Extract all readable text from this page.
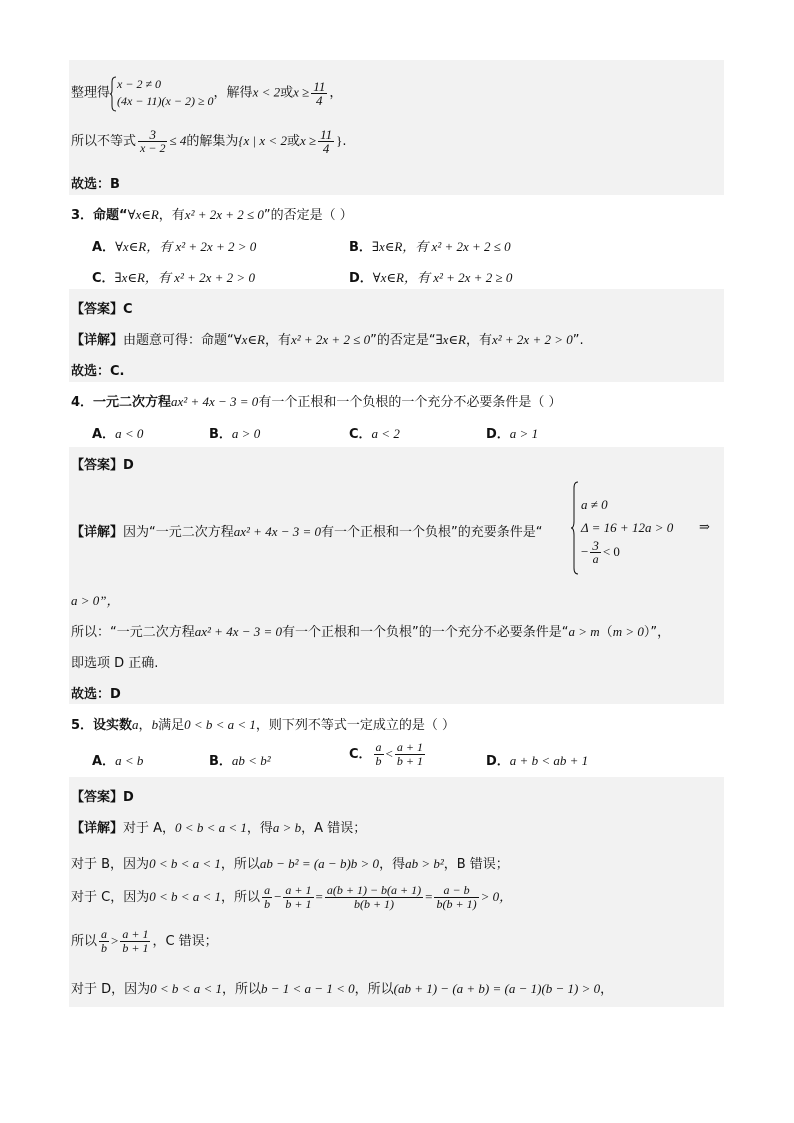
整理得
x − 2 ≠ 0
(4x − 11)(x − 2) ≥ 0
，解得x < 2或$x \ge \frac{11}{4}$ ，
所以不等式 $\frac{3}{x - 2} \le 4$的解集为{x | x < 2或$x \ge \frac{11}{4}$ }.
故选：B
3．命题“∀x∈R，有x² + 2x + 2 ≤ 0”的否定是（ ）
A．∀x∈R，有 x² + 2x + 2 > 0	B．∃x∈R，有 x² + 2x + 2 ≤ 0
C．∃x∈R，有 x² + 2x + 2 > 0	D．∀x∈R，有 x² + 2x + 2 ≥ 0
【答案】C
【详解】由题意可得：命题“∀x∈R，有x² + 2x + 2 ≤ 0”的否定是“∃x∈R，有x² + 2x + 2 > 0”.
故选：C.
4．一元二次方程ax² + 4x − 3 = 0有一个正根和一个负根的一个充分不必要条件是（ ）
A．a < 0	B．a > 0	C．a < 2	D．a > 1
【答案】D
【详解】因为“一元二次方程ax² + 4x − 3 = 0有一个正根和一个负根”的充要条件是“
a ≠ 0
Δ = 16 + 12a > 0
− $\frac{3}{a} < 0$
⇒
a > 0”，
所以：“一元二次方程ax² + 4x − 3 = 0有一个正根和一个负根”的一个充分不必要条件是“a > m（m > 0）”，
即选项 D 正确.
故选：D
5．设实数a，b满足0 < b < a < 1，则下列不等式一定成立的是（ ）
A．a < b	B．ab < b²	C． $\frac{a}{b} < \frac{a + 1}{b + 1}$	D．a + b < ab + 1
【答案】D
【详解】对于 A，0 < b < a < 1，得a > b，A 错误；
对于 B，因为0 < b < a < 1，所以ab − b² = (a − b)b > 0，得ab > b²，B 错误；
对于 C，因为0 < b < a < 1，所以 $\frac{a}{b} - \frac{a + 1}{b + 1} = \frac{a(b + 1) - b(a + 1)}{b(b + 1)} = \frac{a - b}{b(b + 1)} > 0$，
所以 $\frac{a}{b} > \frac{a + 1}{b + 1}$ ，C 错误；
对于 D，因为0 < b < a < 1，所以b − 1 < a − 1 < 0，所以(ab + 1) − (a + b) = (a − 1)(b − 1) > 0，
